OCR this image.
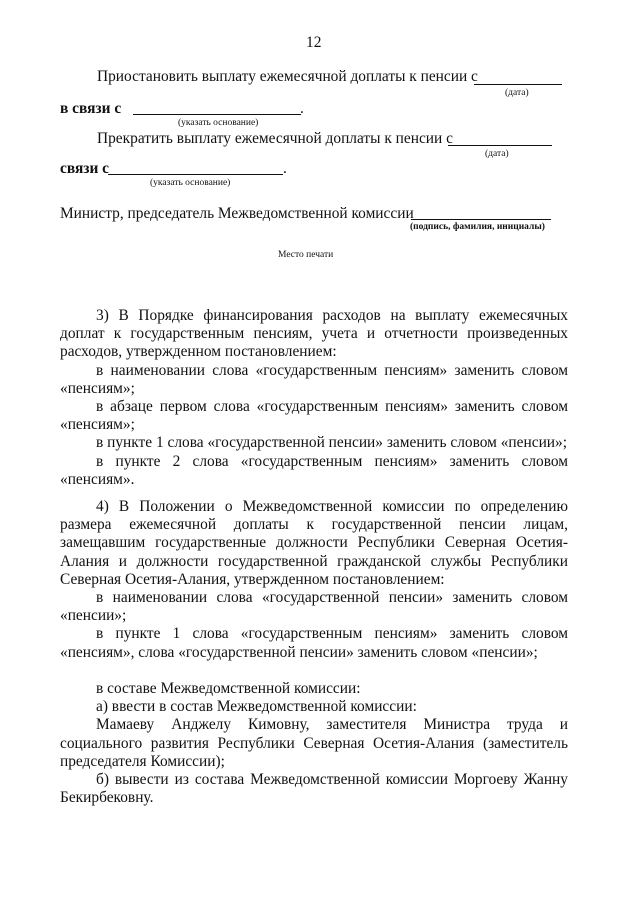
12
Приостановить выплату ежемесячной доплаты к пенсии с
(дата)
в связи с	.
(указать основание)
Прекратить выплату ежемесячной доплаты к пенсии с
(дата)
связи с	.
(указать основание)
Министр, председатель Межведомственной комиссии
(подпись, фамилия, инициалы)
Место печати

3) В Порядке финансирования расходов на выплату ежемесячных доплат к государственным пенсиям, учета и отчетности произведенных расходов, утвержденном постановлением:

в наименовании слова «государственным пенсиям» заменить словом «пенсиям»;

в абзаце первом слова «государственным пенсиям» заменить словом «пенсиям»;

в пункте 1 слова «государственной пенсии» заменить словом «пенсии»;

в пункте 2 слова «государственным пенсиям» заменить словом «пенсиям».

4) В Положении о Межведомственной комиссии по определению размера ежемесячной доплаты к государственной пенсии лицам, замещавшим государственные должности Республики Северная Осетия-Алания и должности государственной гражданской службы Республики Северная Осетия-Алания, утвержденном постановлением:

в наименовании слова «государственной пенсии» заменить словом «пенсии»;

в пункте 1 слова «государственным пенсиям» заменить словом «пенсиям», слова «государственной пенсии» заменить словом «пенсии»;

в составе Межведомственной комиссии:

а) ввести в состав Межведомственной комиссии:

Мамаеву Анджелу Кимовну, заместителя Министра труда и социального развития Республики Северная Осетия-Алания (заместитель председателя Комиссии);

б) вывести из состава Межведомственной комиссии Моргоеву Жанну Бекирбековну.
